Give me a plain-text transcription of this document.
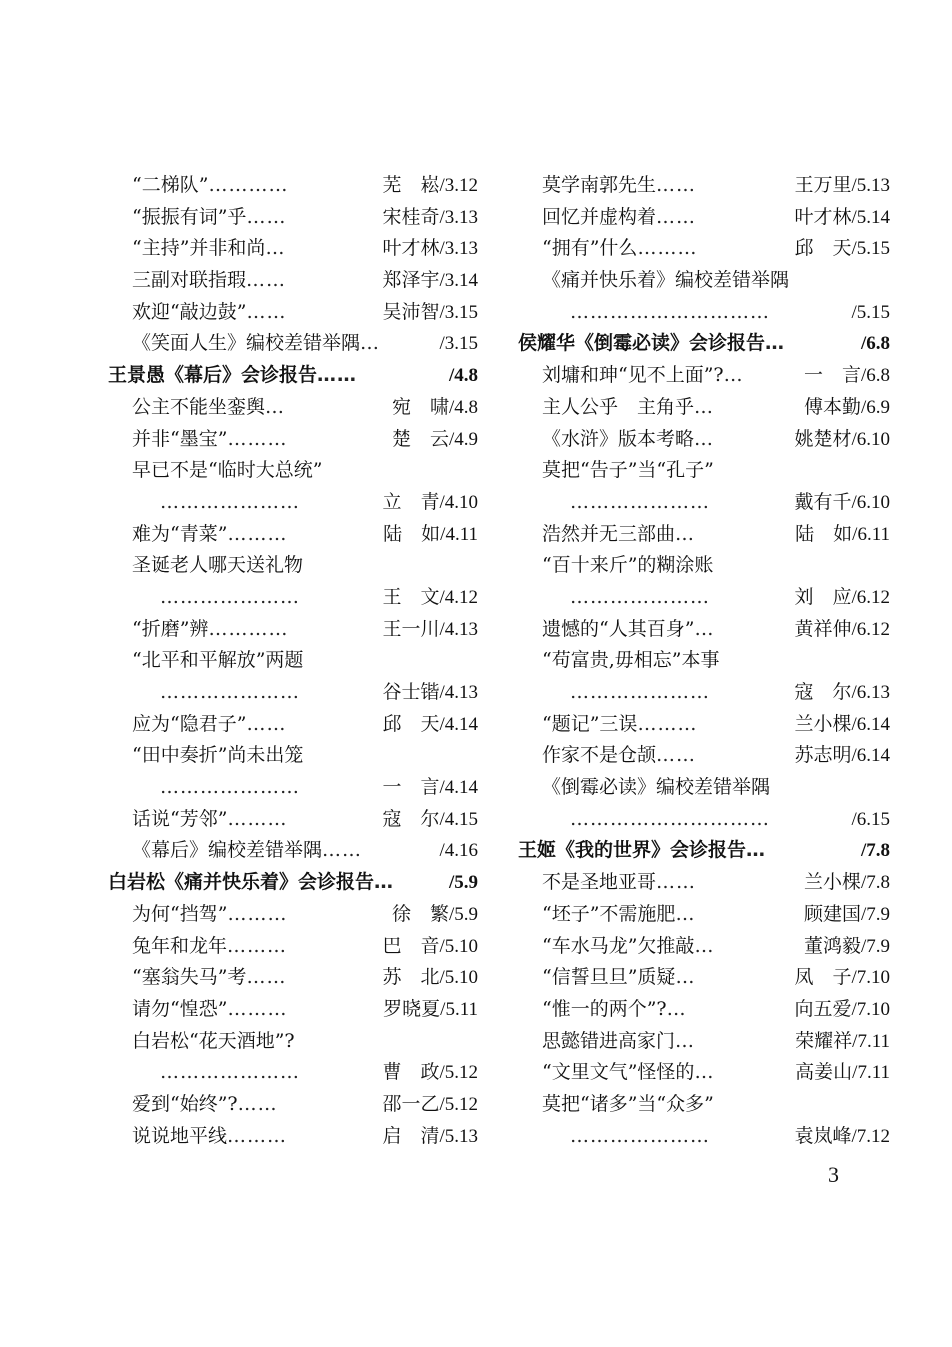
“二梯队” …………	芜　崧 /3.12
“振振有词”乎 ……	宋桂奇 /3.13
“主持”并非和尚 …	叶才林 /3.13
三副对联指瑕 ……	郑泽宇 /3.14
欢迎“敲边鼓” ……	吴沛智 /3.15
《笑面人生》编校差错举隅 …	/3.15
王景愚《幕后》会诊报告 ……	/4.8
公主不能坐銮舆 …	宛　啸 /4.8
并非“墨宝” ………	楚　云 /4.9
早已不是“临时大总统”
…………………	立　青 /4.10
难为“青菜” ………	陆　如 /4.11
圣诞老人哪天送礼物
…………………	王　文 /4.12
“折磨”辨 …………	王一川 /4.13
“北平和平解放”两题
…………………	谷士锴 /4.13
应为“隐君子” ……	邱　天 /4.14
“田中奏折”尚未出笼
…………………	一　言 /4.14
话说“芳邻” ………	寇　尔 /4.15
《幕后》编校差错举隅 ……	/4.16
白岩松《痛并快乐着》会诊报告 …	/5.9
为何“挡驾” ………	徐　繁 /5.9
兔年和龙年 ………	巴　音 /5.10
“塞翁失马”考 ……	苏　北 /5.10
请勿“惶恐” ………	罗晓夏 /5.11
白岩松“花天酒地”?
…………………	曹　政 /5.12
爱到“始终”? ……	邵一乙 /5.12
说说地平线 ………	启　清 /5.13
莫学南郭先生 ……	王万里 /5.13
回忆并虚构着 ……	叶才林 /5.14
“拥有”什么 ………	邱　天 /5.15
《痛并快乐着》编校差错举隅
…………………………	/5.15
侯耀华《倒霉必读》会诊报告 …	/6.8
刘墉和珅“见不上面”? …	一　言 /6.8
主人公乎　主角乎 …	傅本勤 /6.9
《水浒》版本考略 …	姚楚材 /6.10
莫把“告子”当“孔子”
…………………	戴有千 /6.10
浩然并无三部曲 …	陆　如 /6.11
“百十来斤”的糊涂账
…………………	刘　应 /6.12
遗憾的“人其百身” …	黄祥伸 /6.12
“苟富贵,毋相忘”本事
…………………	寇　尔 /6.13
“题记”三误 ………	兰小棵 /6.14
作家不是仓颉 ……	苏志明 /6.14
《倒霉必读》编校差错举隅
…………………………	/6.15
王姬《我的世界》会诊报告 …	/7.8
不是圣地亚哥 ……	兰小棵 /7.8
“坯子”不需施肥 …	顾建国 /7.9
“车水马龙”欠推敲 …	董鸿毅 /7.9
“信誓旦旦”质疑 …	凤　子 /7.10
“惟一的两个”? …	向五爱 /7.10
思懿错进高家门 …	荣耀祥 /7.11
“文里文气”怪怪的 …	高姜山 /7.11
莫把“诸多”当“众多”
…………………	袁岚峰 /7.12
3
